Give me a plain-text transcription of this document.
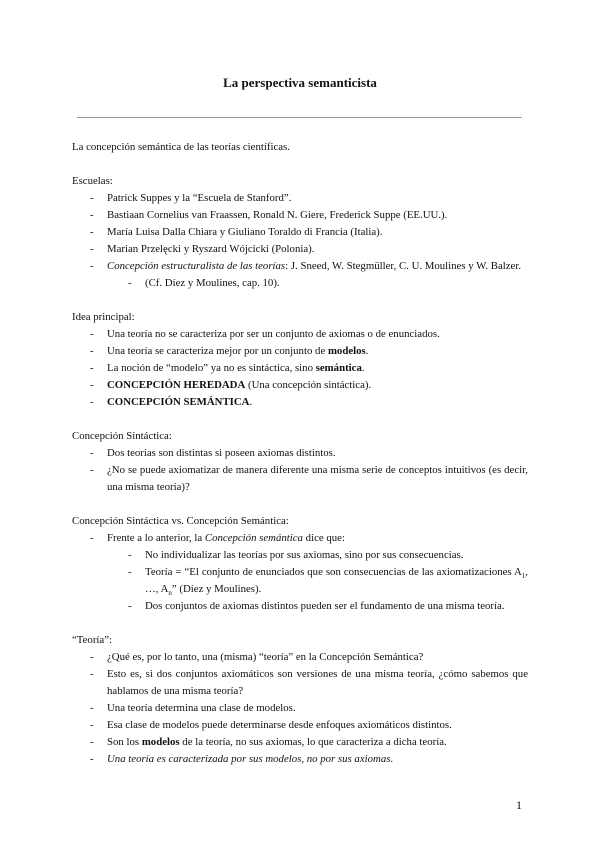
La perspectiva semanticista

La concepción semántica de las teorías científicas.

Escuelas:

- Patrick Suppes y la “Escuela de Stanford”.
- Bastiaan Cornelius van Fraassen, Ronald N. Giere, Frederick Suppe (EE.UU.).
- María Luisa Dalla Chiara y Giuliano Toraldo di Francia (Italia).
- Marian Przelęcki y Ryszard Wójcicki (Polonia).
- Concepción estructuralista de las teorías: J. Sneed, W. Stegmüller, C. U. Moulines y W. Balzer.
- (Cf. Díez y Moulines, cap. 10).

Idea principal:

- Una teoría no se caracteriza por ser un conjunto de axiomas o de enunciados.
- Una teoría se caracteriza mejor por un conjunto de modelos.
- La noción de “modelo” ya no es sintáctica, sino semántica.
- CONCEPCIÓN HEREDADA (Una concepción sintáctica).
- CONCEPCIÓN SEMÁNTICA.

Concepción Sintáctica:

- Dos teorías son distintas si poseen axiomas distintos.
- ¿No se puede axiomatizar de manera diferente una misma serie de conceptos intuitivos (es decir, una misma teoría)?

Concepción Sintáctica vs. Concepción Semántica:

- Frente a lo anterior, la Concepción semántica dice que:
- No individualizar las teorías por sus axiomas, sino por sus consecuencias.
- Teoría = “El conjunto de enunciados que son consecuencias de las axiomatizaciones $A_1$, …, $A_n$” (Díez y Moulines).
- Dos conjuntos de axiomas distintos pueden ser el fundamento de una misma teoría.

“Teoría”:

- ¿Qué es, por lo tanto, una (misma) “teoría” en la Concepción Semántica?
- Esto es, si dos conjuntos axiomáticos son versiones de una misma teoría, ¿cómo sabemos que hablamos de una misma teoría?
- Una teoría determina una clase de modelos.
- Esa clase de modelos puede determinarse desde enfoques axiomáticos distintos.
- Son los modelos de la teoría, no sus axiomas, lo que caracteriza a dicha teoría.
- Una teoría es caracterizada por sus modelos, no por sus axiomas.
1
